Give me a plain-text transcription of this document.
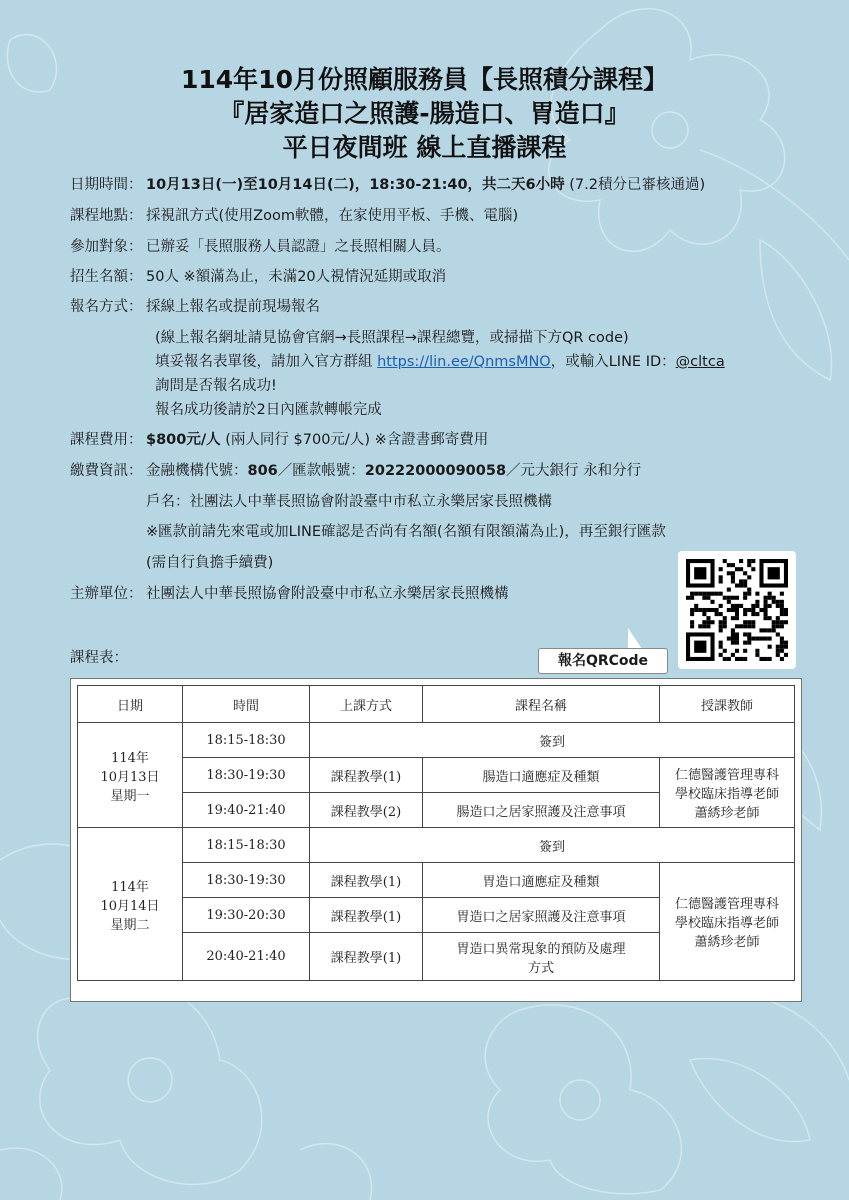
114年10月份照顧服務員【長照積分課程】
『居家造口之照護-腸造口、胃造口』
平日夜間班 線上直播課程
日期時間： 10月13日(一)至10月14日(二)，18:30-21:40，共二天6小時 (7.2積分已審核通過)
課程地點： 採視訊方式(使用Zoom軟體，在家使用平板、手機、電腦)
參加對象： 已辦妥「長照服務人員認證」之長照相關人員。
招生名額： 50人 ※額滿為止，未滿20人視情況延期或取消
報名方式： 採線上報名或提前現場報名
(線上報名網址請見協會官網→長照課程→課程總覽，或掃描下方QR code)
填妥報名表單後，請加入官方群組 https://lin.ee/QnmsMNO，或輸入LINE ID：@cltca
詢問是否報名成功!
報名成功後請於2日內匯款轉帳完成
課程費用： $800元/人 (兩人同行 $700元/人) ※含證書郵寄費用
繳費資訊： 金融機構代號：806／匯款帳號：20222000090058／元大銀行 永和分行
戶名：社團法人中華長照協會附設臺中市私立永樂居家長照機構
※匯款前請先來電或加LINE確認是否尚有名額(名額有限額滿為止)，再至銀行匯款
(需自行負擔手續費)
主辦單位： 社團法人中華長照協會附設臺中市私立永樂居家長照機構
課程表：	報名QRCode
日期	時間	上課方式	課程名稱	授課教師

114年
10月13日
星期一	18:15-18:30	簽到		
	18:30-19:30	課程教學(1)	腸造口適應症及種類	仁德醫護管理專科
學校臨床指導老師
蕭綉珍老師

	19:40-21:40	課程教學(2)	腸造口之居家照護及注意事項	

114年
10月14日
星期二	18:15-18:30	簽到		
	18:30-19:30	課程教學(1)	胃造口適應症及種類	仁德醫護管理專科
學校臨床指導老師
蕭綉珍老師

	19:30-20:30	課程教學(1)	胃造口之居家照護及注意事項	
	20:40-21:40	課程教學(1)	胃造口異常現象的預防及處理
方式	
